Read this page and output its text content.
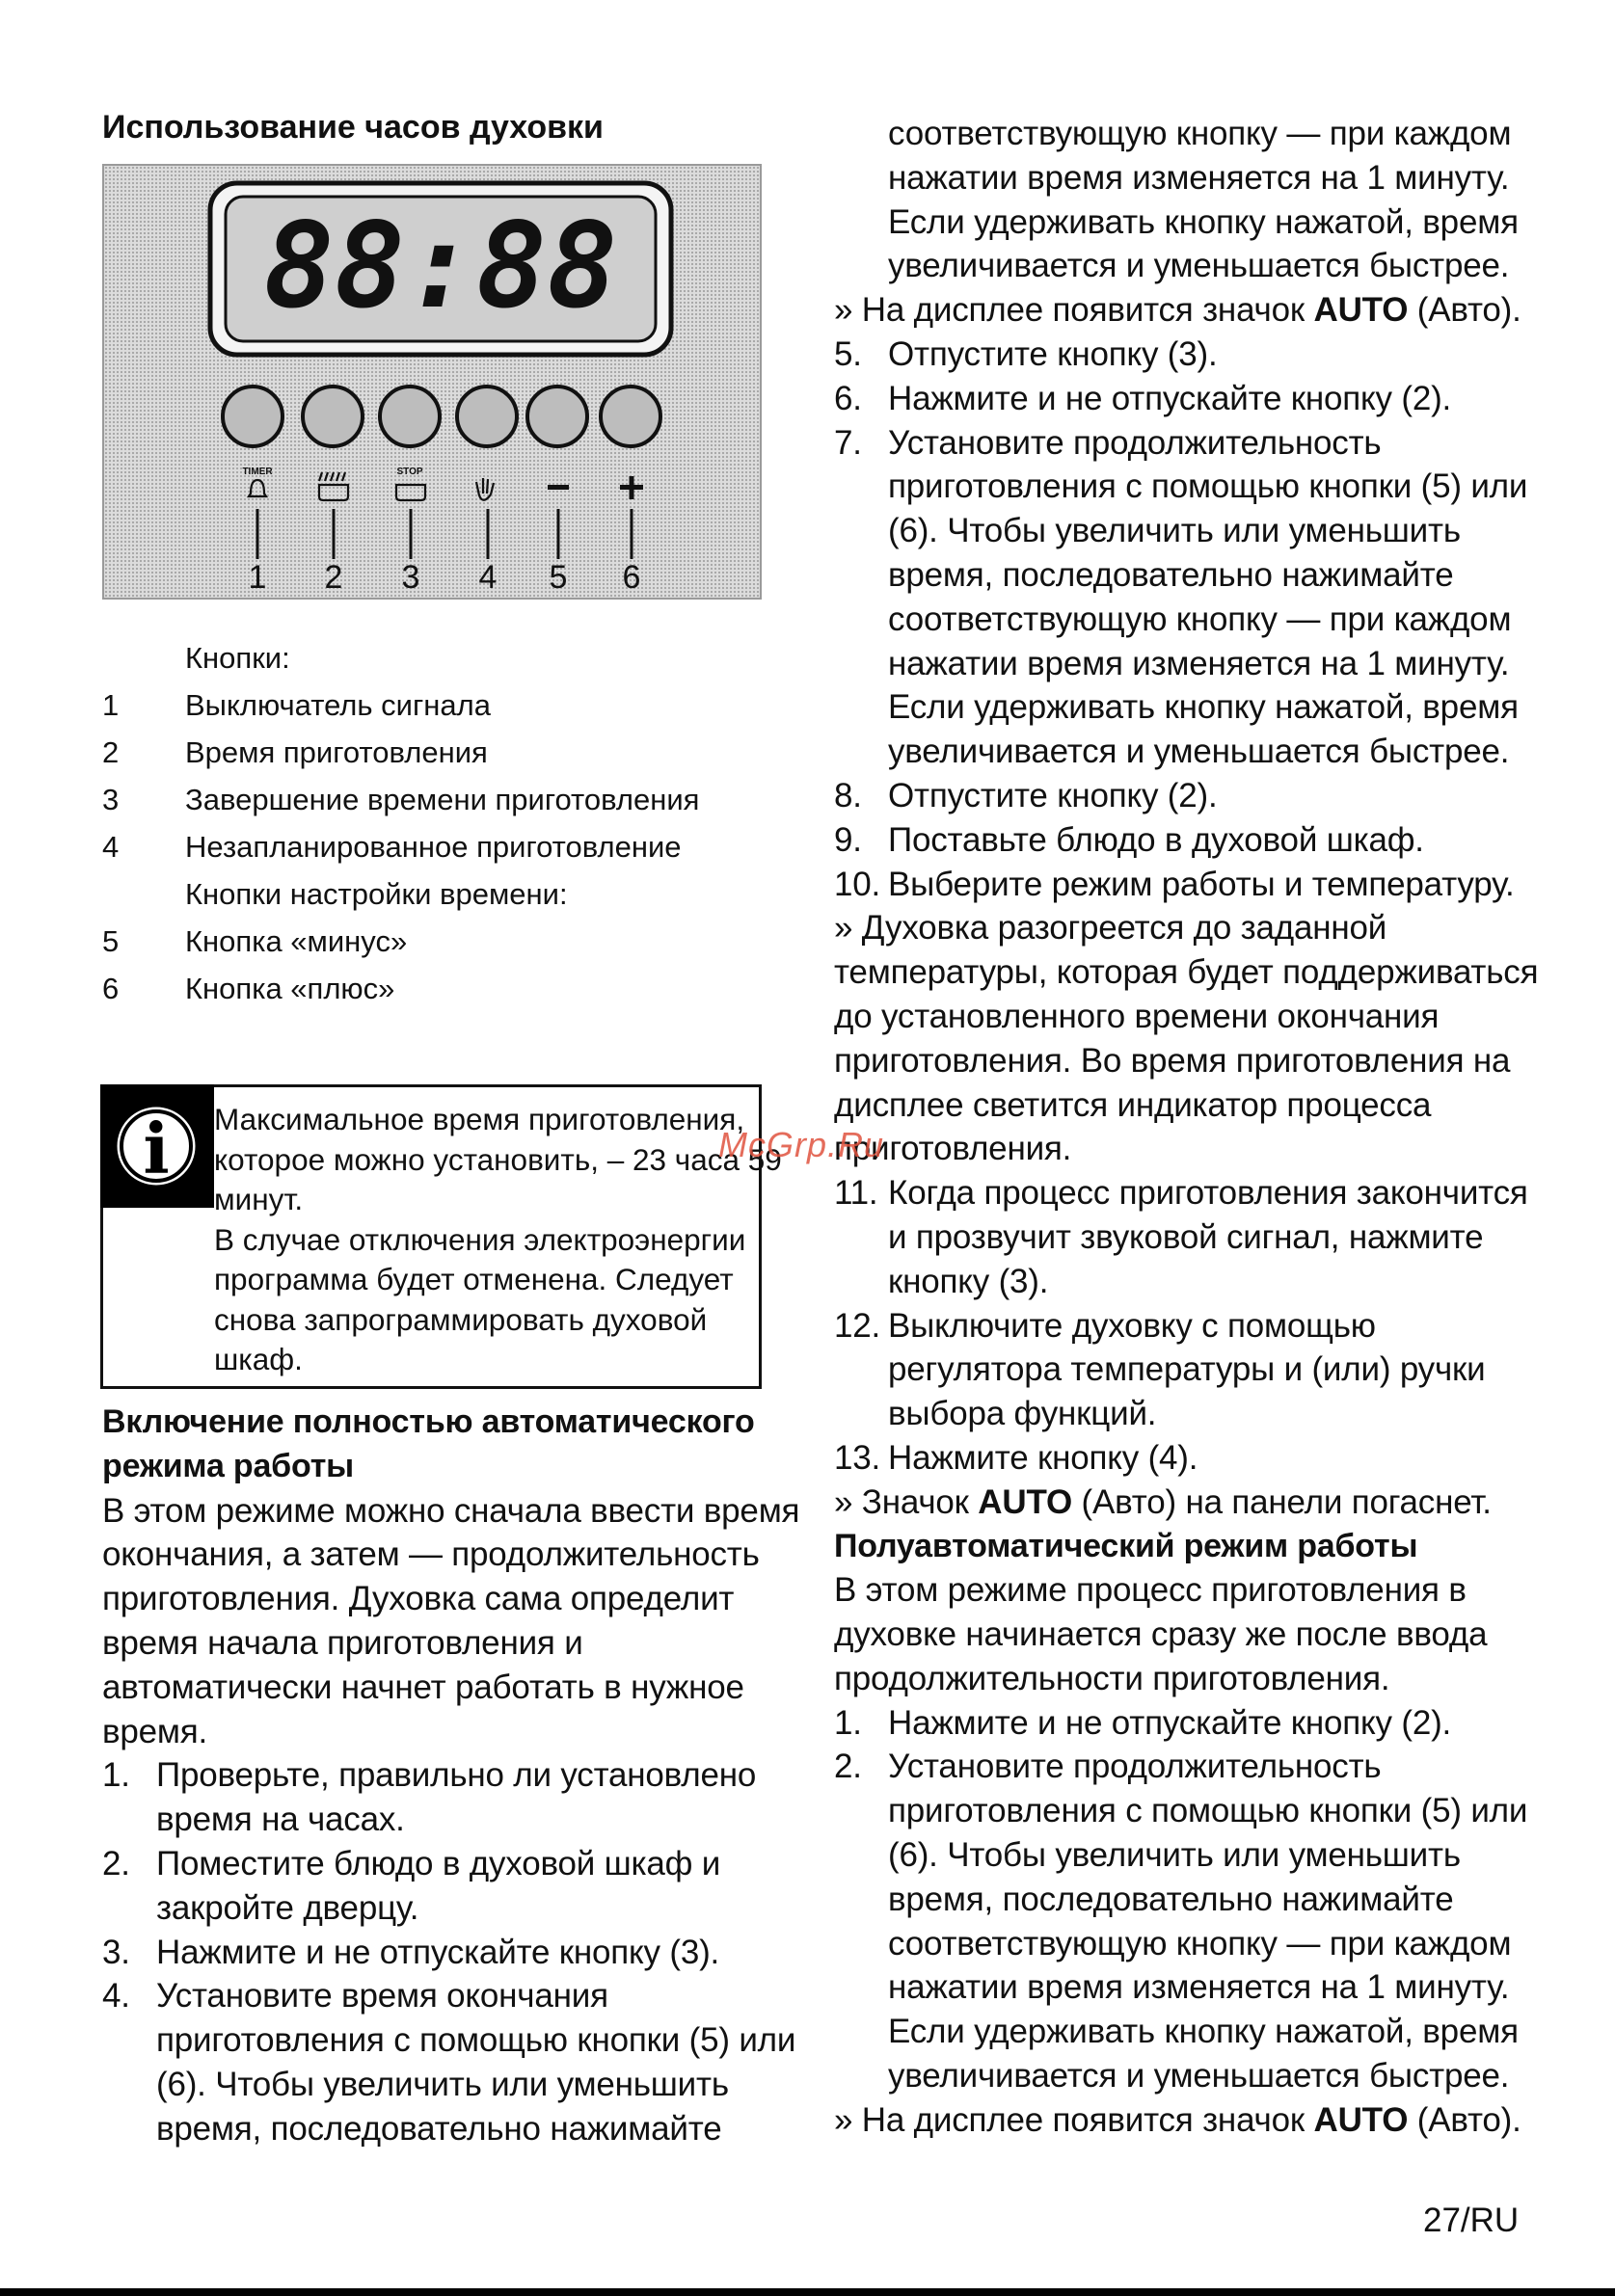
Использование часов духовки
88:88
TIMER	STOP
1 2 3 4 5 6
Кнопки:
1 Выключатель сигнала
2 Время приготовления
3 Завершение времени приготовления
4 Незапланированное приготовление
Кнопки настройки времени:
5 Кнопка «минус»
6 Кнопка «плюс»
i Максимальное время приготовления,
которое можно установить, – 23 часа 59
минут.
В случае отключения электроэнергии
программа будет отменена. Следует
снова запрограммировать духовой
шкаф.
Включение полностью автоматического
режима работы
В этом режиме можно сначала ввести время
окончания, а затем — продолжительность
приготовления. Духовка сама определит
время начала приготовления и
автоматически начнет работать в нужное
время.
1. Проверьте, правильно ли установлено
время на часах.
2. Поместите блюдо в духовой шкаф и
закройте дверцу.
3. Нажмите и не отпускайте кнопку (3).
4. Установите время окончания
приготовления с помощью кнопки (5) или
(6). Чтобы увеличить или уменьшить
время, последовательно нажимайте
соответствующую кнопку — при каждом
нажатии время изменяется на 1 минуту.
Если удерживать кнопку нажатой, время
увеличивается и уменьшается быстрее.
» На дисплее появится значок AUTO (Авто).
5. Отпустите кнопку (3).
6. Нажмите и не отпускайте кнопку (2).
7. Установите продолжительность
приготовления с помощью кнопки (5) или
(6). Чтобы увеличить или уменьшить
время, последовательно нажимайте
соответствующую кнопку — при каждом
нажатии время изменяется на 1 минуту.
Если удерживать кнопку нажатой, время
увеличивается и уменьшается быстрее.
8. Отпустите кнопку (2).
9. Поставьте блюдо в духовой шкаф.
10. Выберите режим работы и температуру.
» Духовка разогреется до заданной
температуры, которая будет поддерживаться
до установленного времени окончания
приготовления. Во время приготовления на
дисплее светится индикатор процесса
приготовления.
11. Когда процесс приготовления закончится
и прозвучит звуковой сигнал, нажмите
кнопку (3).
12. Выключите духовку с помощью
регулятора температуры и (или) ручки
выбора функций.
13. Нажмите кнопку (4).
» Значок AUTO (Авто) на панели погаснет.
Полуавтоматический режим работы
В этом режиме процесс приготовления в
духовке начинается сразу же после ввода
продолжительности приготовления.
1. Нажмите и не отпускайте кнопку (2).
2. Установите продолжительность
приготовления с помощью кнопки (5) или
(6). Чтобы увеличить или уменьшить
время, последовательно нажимайте
соответствующую кнопку — при каждом
нажатии время изменяется на 1 минуту.
Если удерживать кнопку нажатой, время
увеличивается и уменьшается быстрее.
» На дисплее появится значок AUTO (Авто).
McGrp.Ru
27/RU
